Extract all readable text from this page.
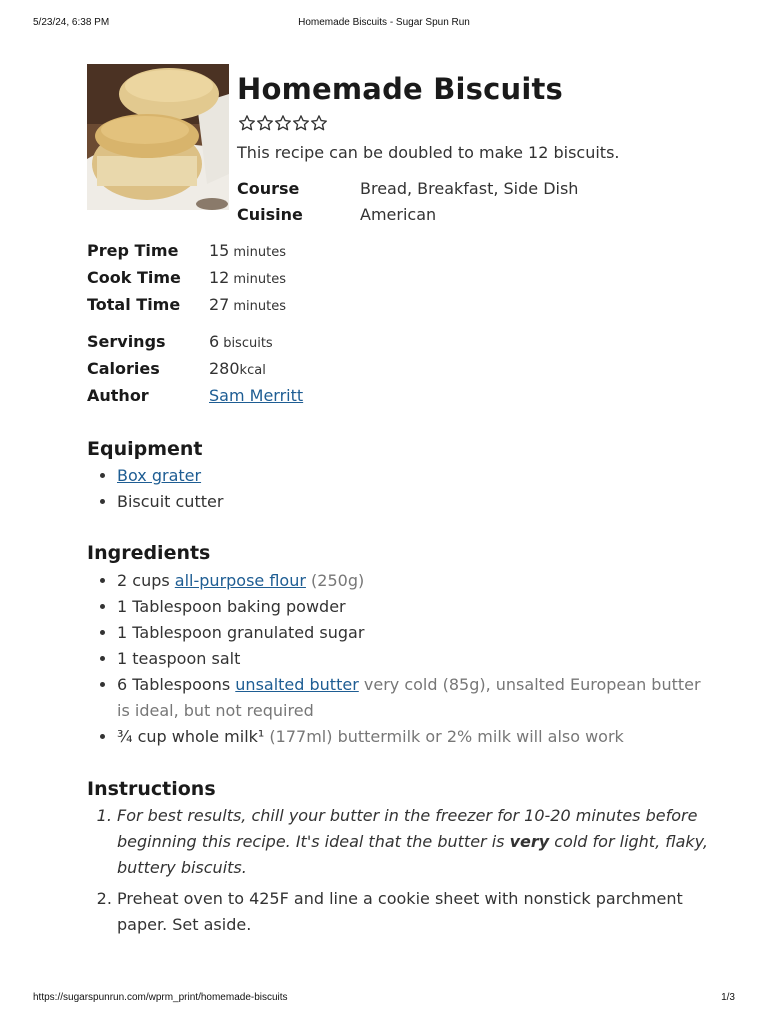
5/23/24, 6:38 PM	Homemade Biscuits - Sugar Spun Run
Homemade Biscuits
This recipe can be doubled to make 12 biscuits.
Course	Bread, Breakfast, Side Dish
Cuisine	American
Prep Time	15 minutes
Cook Time	12 minutes
Total Time	27 minutes
Servings	6 biscuits
Calories	280 kcal
Author	Sam Merritt
Equipment
• Box grater
• Biscuit cutter
Ingredients
• 2 cups all-purpose flour (250g)
• 1 Tablespoon baking powder
• 1 Tablespoon granulated sugar
• 1 teaspoon salt
• 6 Tablespoons unsalted butter very cold (85g), unsalted European butter is ideal, but not required
• ¾ cup whole milk¹ (177ml) buttermilk or 2% milk will also work
Instructions
1. For best results, chill your butter in the freezer for 10-20 minutes before beginning this recipe. It's ideal that the butter is very cold for light, flaky, buttery biscuits.
2. Preheat oven to 425F and line a cookie sheet with nonstick parchment paper. Set aside.
https://sugarspunrun.com/wprm_print/homemade-biscuits	1/3
